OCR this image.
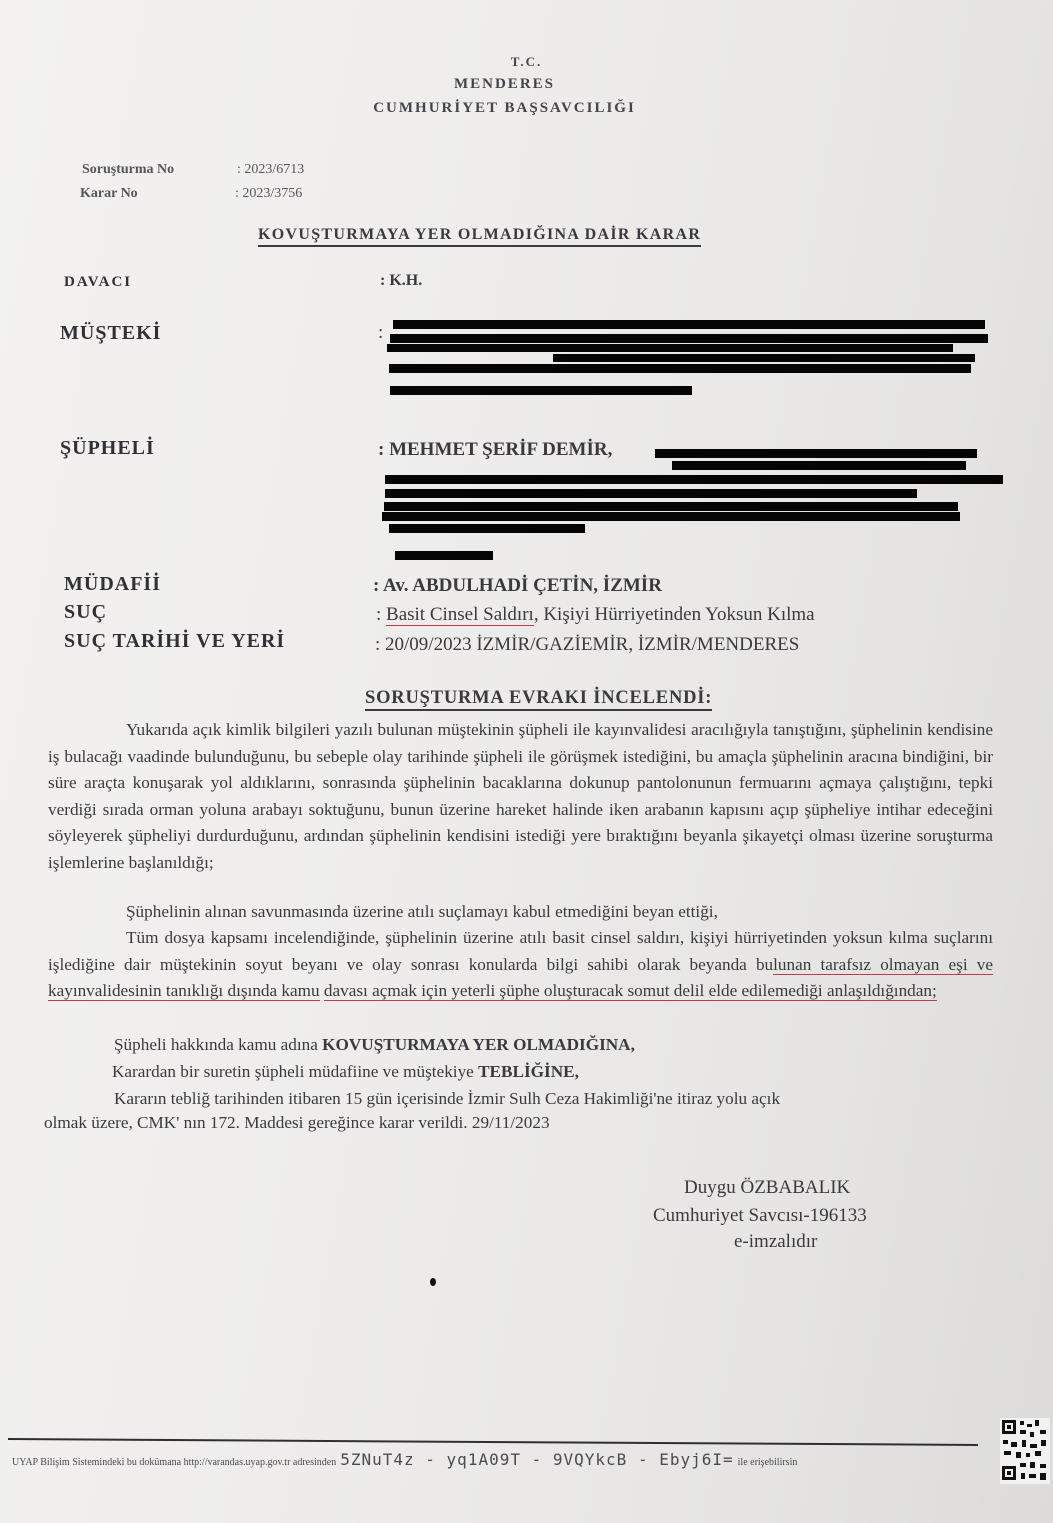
T.C.
MENDERES
CUMHURİYET BAŞSAVCILIĞI
Soruşturma No	: 2023/6713
Karar No	: 2023/3756
KOVUŞTURMAYA YER OLMADIĞINA DAİR KARAR
DAVACI	: K.H.
MÜŞTEKİ	:
ŞÜPHELİ	: MEHMET ŞERİF DEMİR,
MÜDAFİİ	: Av. ABDULHADİ ÇETİN, İZMİR
SUÇ	: Basit Cinsel Saldırı, Kişiyi Hürriyetinden Yoksun Kılma
SUÇ TARİHİ VE YERİ	: 20/09/2023 İZMİR/GAZİEMİR, İZMİR/MENDERES
SORUŞTURMA EVRAKI İNCELENDİ:
Yukarıda açık kimlik bilgileri yazılı bulunan müştekinin şüpheli ile kayınvalidesi aracılığıyla tanıştığını, şüphelinin kendisine iş bulacağı vaadinde bulunduğunu, bu sebeple olay tarihinde şüpheli ile görüşmek istediğini, bu amaçla şüphelinin aracına bindiğini, bir süre araçta konuşarak yol aldıklarını, sonrasında şüphelinin bacaklarına dokunup pantolonunun fermuarını açmaya çalıştığını, tepki verdiği sırada orman yoluna arabayı soktuğunu, bunun üzerine hareket halinde iken arabanın kapısını açıp şüpheliye intihar edeceğini söyleyerek şüpheliyi durdurduğunu, ardından şüphelinin kendisini istediği yere bıraktığını beyanla şikayetçi olması üzerine soruşturma işlemlerine başlanıldığı;
Şüphelinin alınan savunmasında üzerine atılı suçlamayı kabul etmediğini beyan ettiği,
Tüm dosya kapsamı incelendiğinde, şüphelinin üzerine atılı basit cinsel saldırı, kişiyi hürriyetinden yoksun kılma suçlarını işlediğine dair müştekinin soyut beyanı ve olay sonrası konularda bilgi sahibi olarak beyanda bulunan tarafsız olmayan eşi ve kayınvalidesinin tanıklığı dışında kamu davası açmak için yeterli şüphe oluşturacak somut delil elde edilemediği anlaşıldığından;
Şüpheli hakkında kamu adına KOVUŞTURMAYA YER OLMADIĞINA,
Karardan bir suretin şüpheli müdafiine ve müştekiye TEBLİĞİNE,
Kararın tebliğ tarihinden itibaren 15 gün içerisinde İzmir Sulh Ceza Hakimliği'ne itiraz yolu açık
olmak üzere, CMK' nın 172. Maddesi gereğince karar verildi. 29/11/2023
Duygu ÖZBABALIK
Cumhuriyet Savcısı-196133
e-imzalıdır
UYAP Bilişim Sistemindeki bu dokümana http://varandas.uyap.gov.tr adresinden 5ZNuT4z - yq1A09T - 9VQYkcB - Ebyj6I= ile erişebilirsin
